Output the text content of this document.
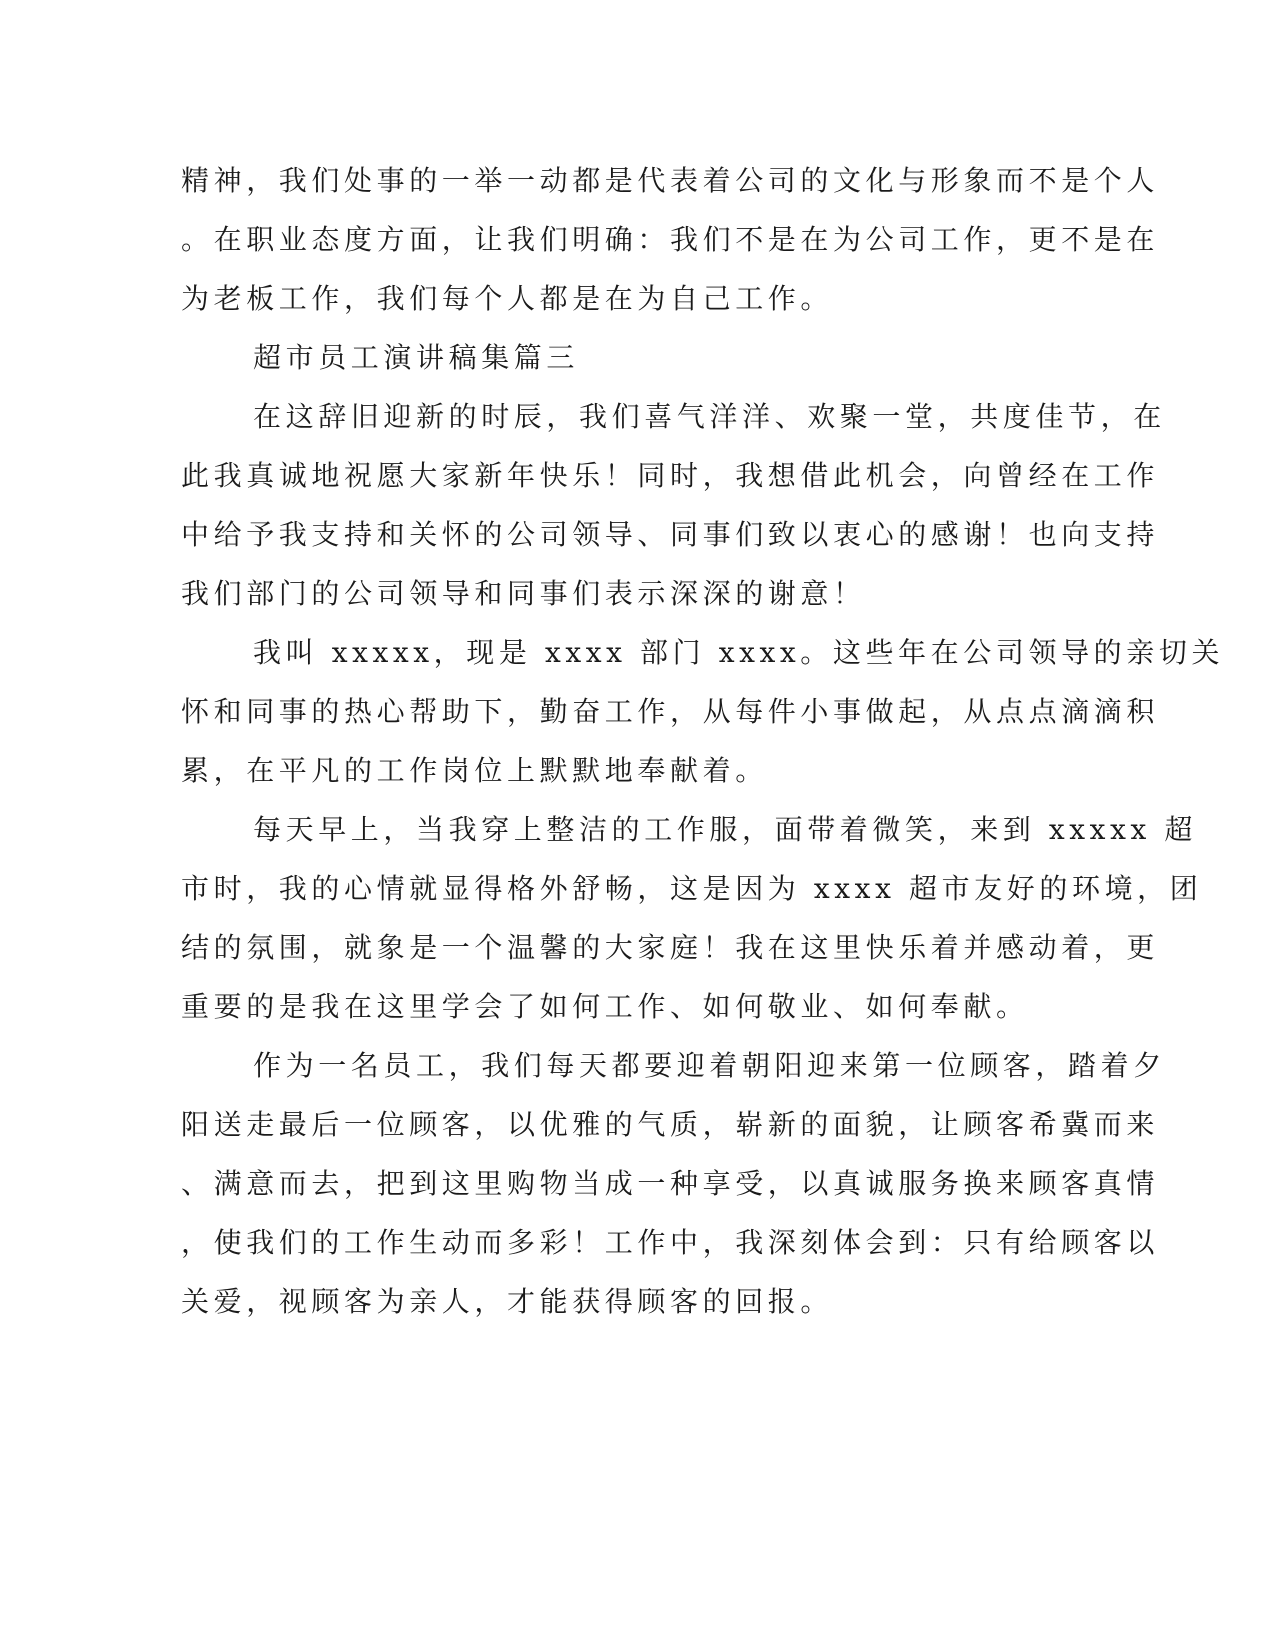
精神，我们处事的一举一动都是代表着公司的文化与形象而不是个人
。在职业态度方面，让我们明确：我们不是在为公司工作，更不是在
为老板工作，我们每个人都是在为自己工作。
超市员工演讲稿集篇三
在这辞旧迎新的时辰，我们喜气洋洋、欢聚一堂，共度佳节，在
此我真诚地祝愿大家新年快乐！同时，我想借此机会，向曾经在工作
中给予我支持和关怀的公司领导、同事们致以衷心的感谢！也向支持
我们部门的公司领导和同事们表示深深的谢意！
我叫 xxxxx，现是 xxxx 部门 xxxx。这些年在公司领导的亲切关
怀和同事的热心帮助下，勤奋工作，从每件小事做起，从点点滴滴积
累，在平凡的工作岗位上默默地奉献着。
每天早上，当我穿上整洁的工作服，面带着微笑，来到 xxxxx 超
市时，我的心情就显得格外舒畅，这是因为 xxxx 超市友好的环境，团
结的氛围，就象是一个温馨的大家庭！我在这里快乐着并感动着，更
重要的是我在这里学会了如何工作、如何敬业、如何奉献。
作为一名员工，我们每天都要迎着朝阳迎来第一位顾客，踏着夕
阳送走最后一位顾客，以优雅的气质，崭新的面貌，让顾客希冀而来
、满意而去，把到这里购物当成一种享受，以真诚服务换来顾客真情
，使我们的工作生动而多彩！工作中，我深刻体会到：只有给顾客以
关爱，视顾客为亲人，才能获得顾客的回报。
